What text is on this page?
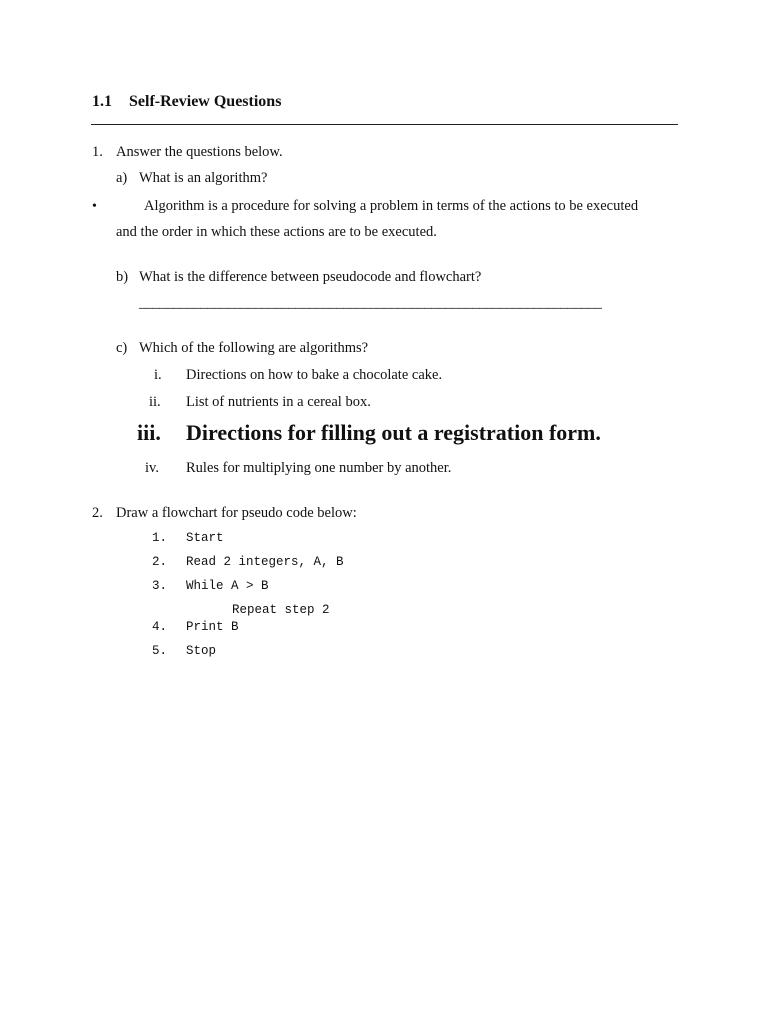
1.1 Self-Review Questions
1. Answer the questions below.
a) What is an algorithm?
•	Algorithm is a procedure for solving a problem in terms of the actions to be executed
and the order in which these actions are to be executed.
b) What is the difference between pseudocode and flowchart?
____________________________________________________________________
c) Which of the following are algorithms?
i. Directions on how to bake a chocolate cake.
ii. List of nutrients in a cereal box.
iii. Directions for filling out a registration form.
iv. Rules for multiplying one number by another.
2. Draw a flowchart for pseudo code below:
1. Start
2. Read 2 integers, A, B
3. While A > B
Repeat step 2
4. Print B
5. Stop
